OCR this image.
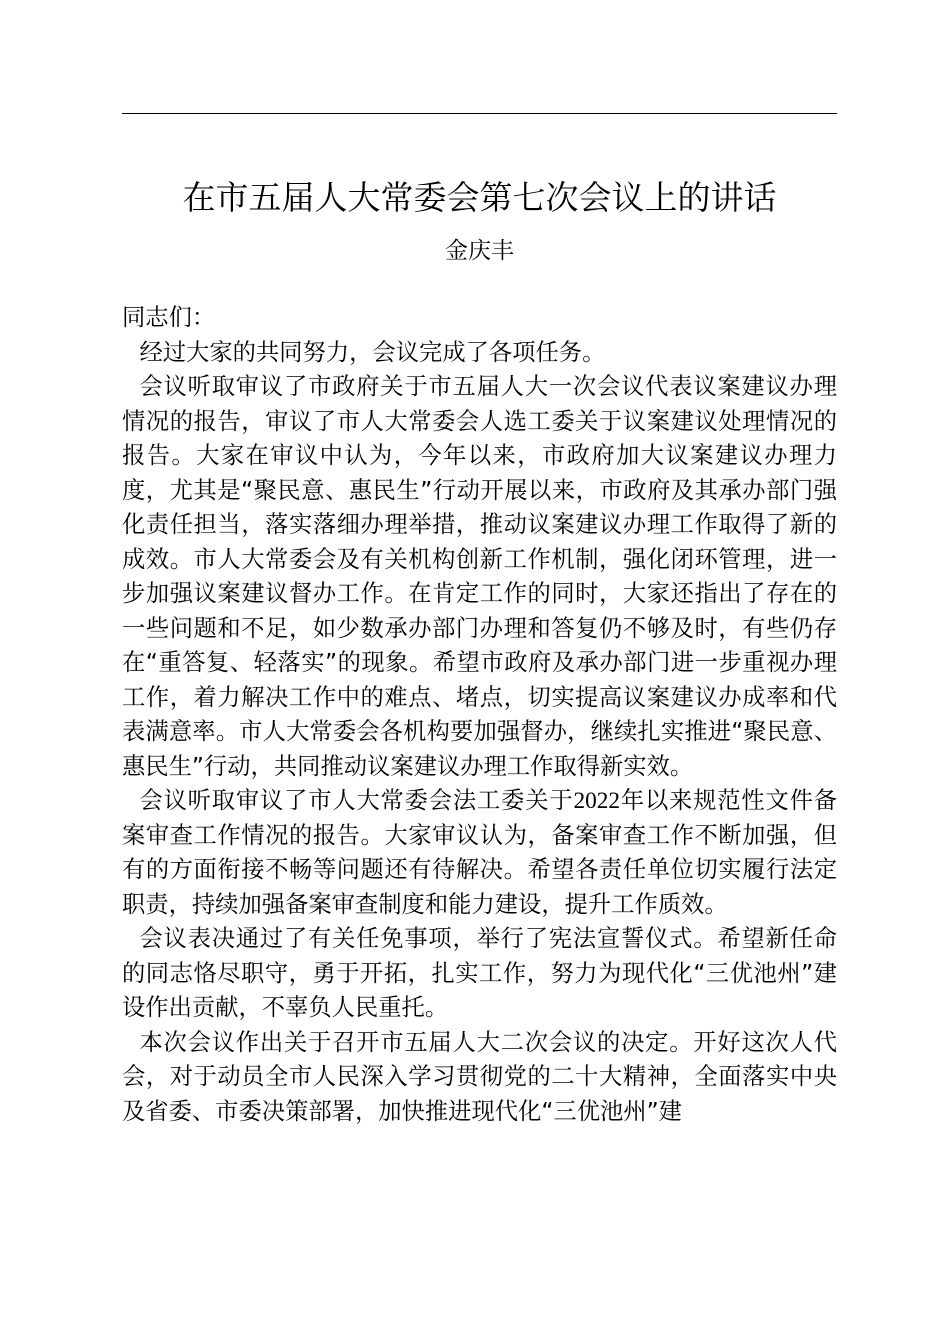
在市五届人大常委会第七次会议上的讲话
金庆丰

同志们：

经过大家的共同努力，会议完成了各项任务。

会议听取审议了市政府关于市五届人大一次会议代表议案建议办理情况的报告，审议了市人大常委会人选工委关于议案建议处理情况的报告。大家在审议中认为，今年以来，市政府加大议案建议办理力度，尤其是“聚民意、惠民生”行动开展以来，市政府及其承办部门强化责任担当，落实落细办理举措，推动议案建议办理工作取得了新的成效。市人大常委会及有关机构创新工作机制，强化闭环管理，进一步加强议案建议督办工作。在肯定工作的同时，大家还指出了存在的一些问题和不足，如少数承办部门办理和答复仍不够及时，有些仍存在“重答复、轻落实”的现象。希望市政府及承办部门进一步重视办理工作，着力解决工作中的难点、堵点，切实提高议案建议办成率和代表满意率。市人大常委会各机构要加强督办，继续扎实推进“聚民意、惠民生”行动，共同推动议案建议办理工作取得新实效。

会议听取审议了市人大常委会法工委关于2022年以来规范性文件备案审查工作情况的报告。大家审议认为，备案审查工作不断加强，但有的方面衔接不畅等问题还有待解决。希望各责任单位切实履行法定职责，持续加强备案审查制度和能力建设，提升工作质效。

会议表决通过了有关任免事项，举行了宪法宣誓仪式。希望新任命的同志恪尽职守，勇于开拓，扎实工作，努力为现代化“三优池州”建设作出贡献，不辜负人民重托。

本次会议作出关于召开市五届人大二次会议的决定。开好这次人代会，对于动员全市人民深入学习贯彻党的二十大精神，全面落实中央及省委、市委决策部署，加快推进现代化“三优池州”建
